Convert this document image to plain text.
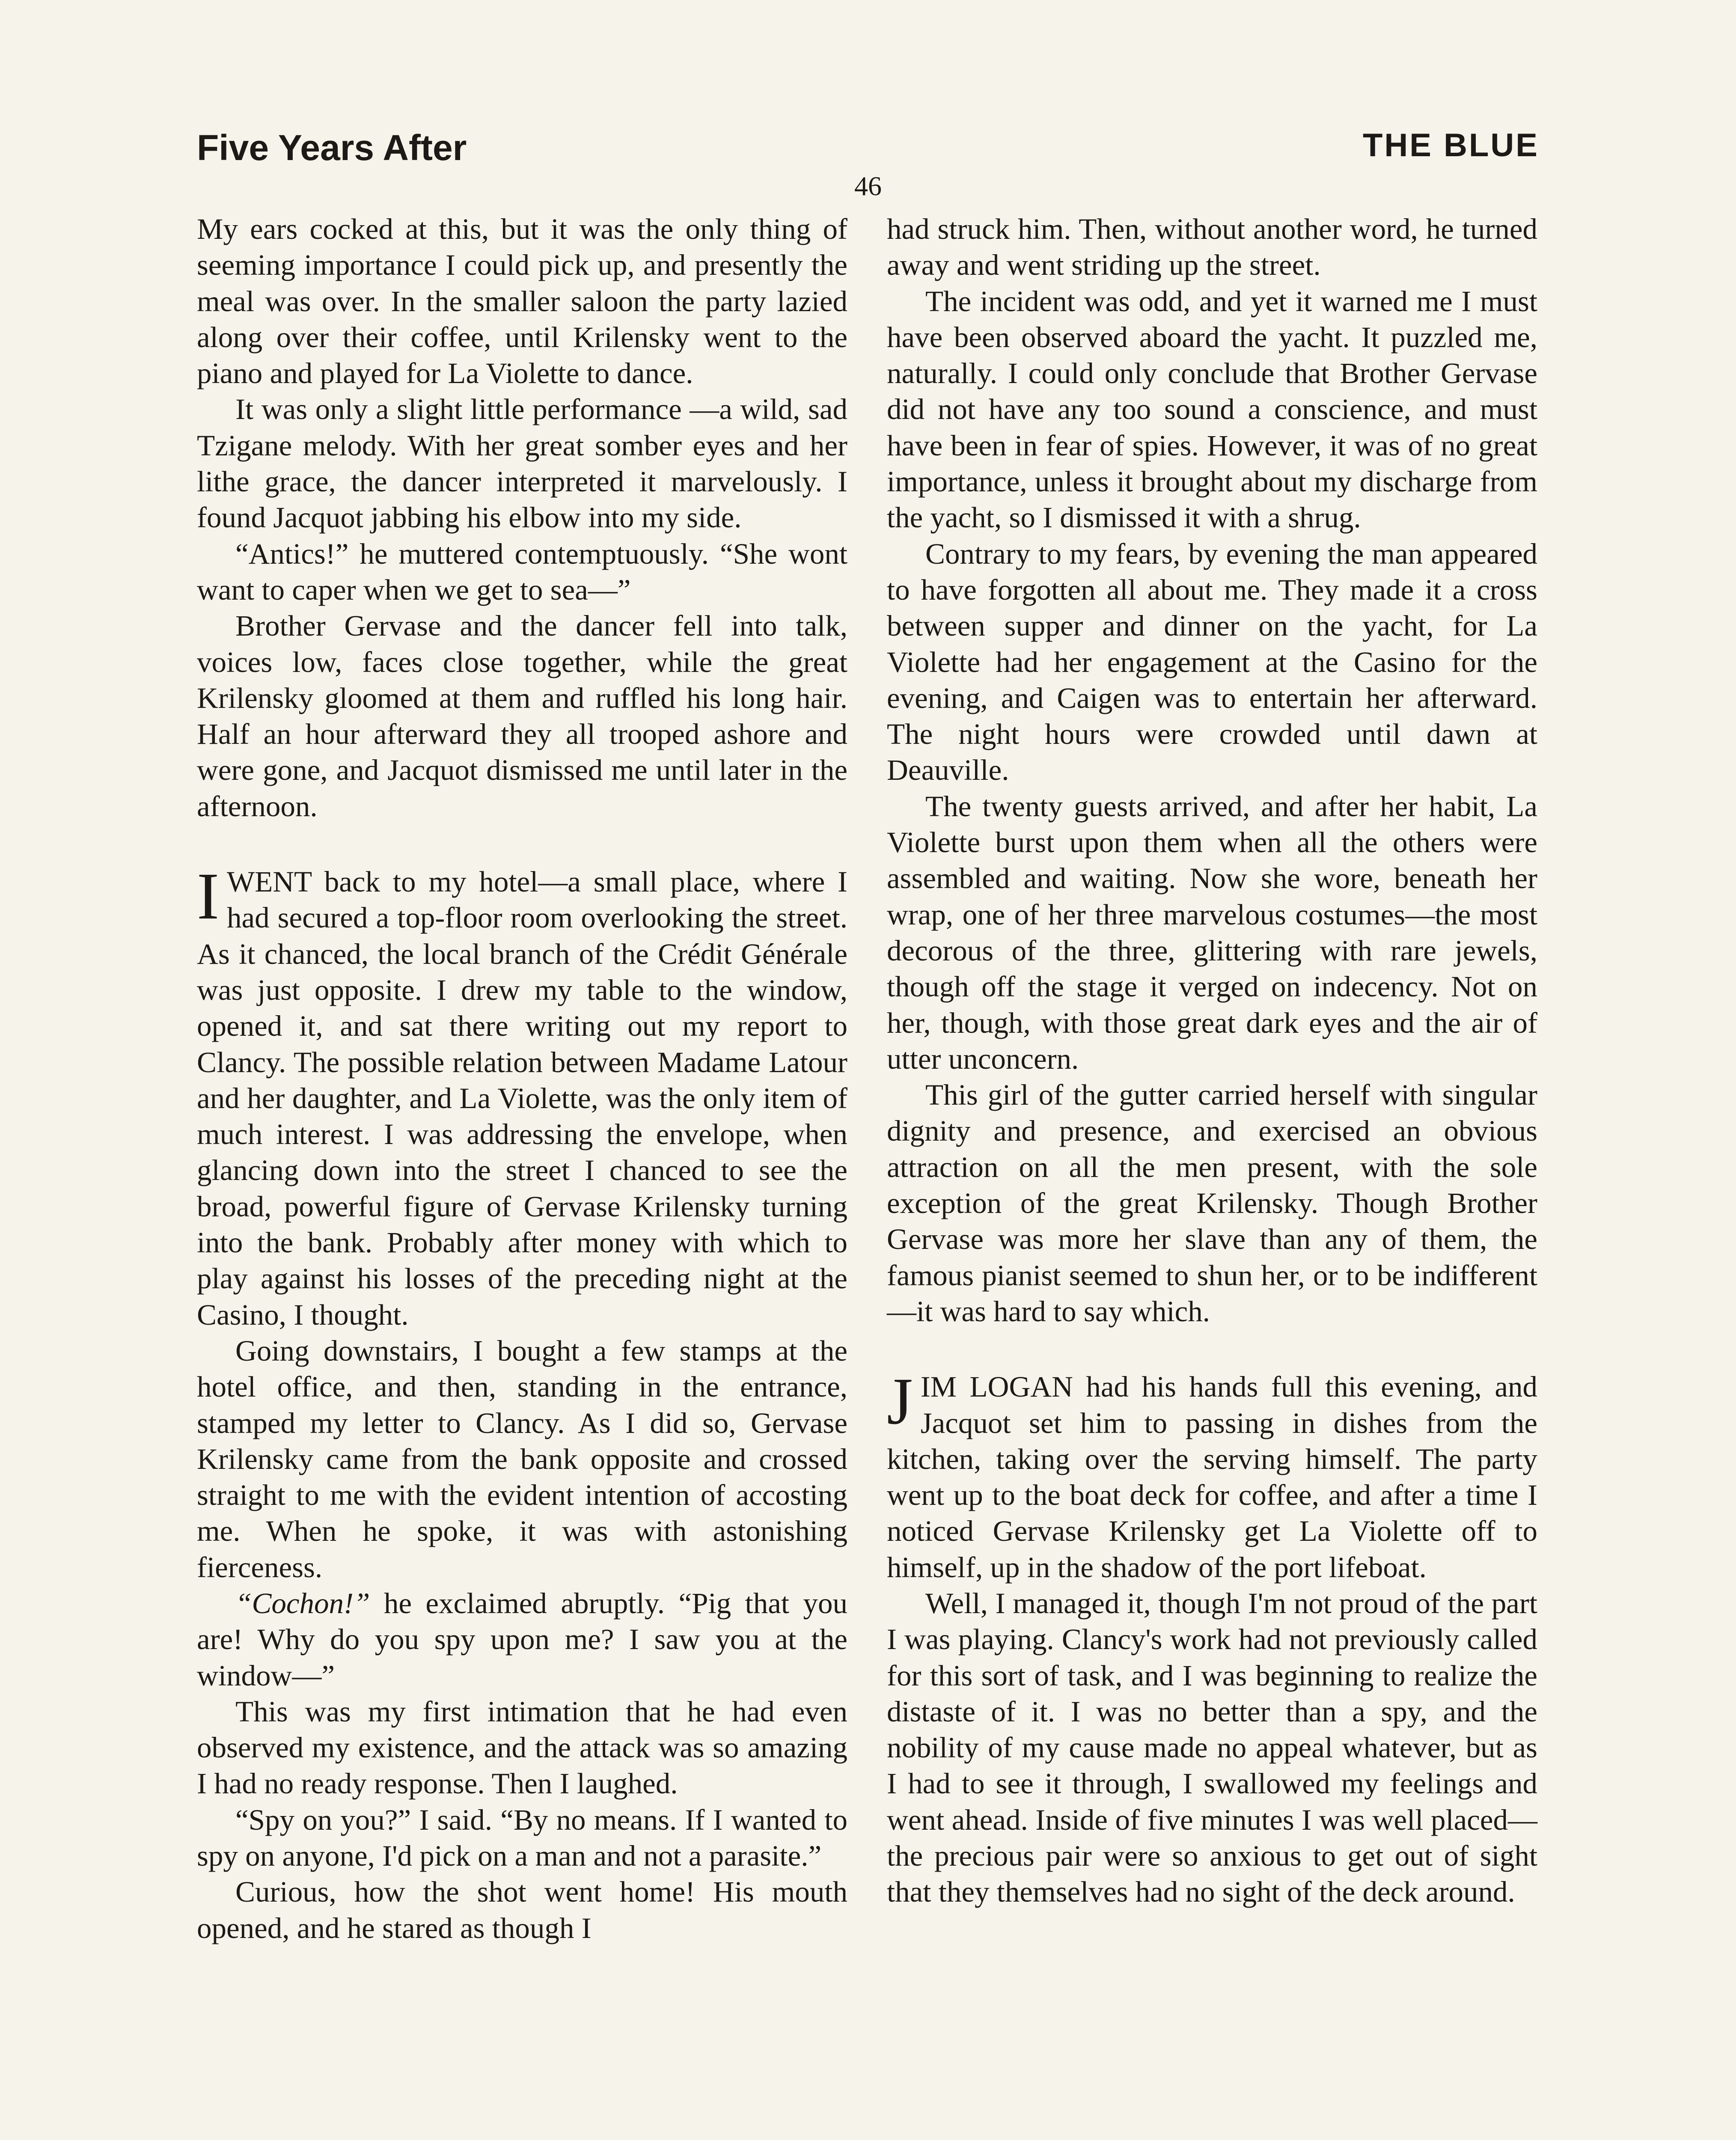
Five Years After	THE BLUE
46

My ears cocked at this, but it was the only thing of seeming importance I could pick up, and presently the meal was over. In the smaller saloon the party lazied along over their coffee, until Krilensky went to the piano and played for La Violette to dance.

It was only a slight little performance —a wild, sad Tzigane melody. With her great somber eyes and her lithe grace, the dancer interpreted it marvelously. I found Jacquot jabbing his elbow into my side.

“Antics!” he muttered contemptuously. “She wont want to caper when we get to sea—”

Brother Gervase and the dancer fell into talk, voices low, faces close together, while the great Krilensky gloomed at them and ruffled his long hair. Half an hour afterward they all trooped ashore and were gone, and Jacquot dismissed me until later in the afternoon.

IWENT back to my hotel—a small place, where I had secured a top-floor room overlooking the street. As it chanced, the local branch of the Crédit Générale was just opposite. I drew my table to the window, opened it, and sat there writing out my report to Clancy. The possible relation between Madame Latour and her daughter, and La Violette, was the only item of much interest. I was addressing the envelope, when glancing down into the street I chanced to see the broad, powerful figure of Gervase Krilensky turning into the bank. Probably after money with which to play against his losses of the preceding night at the Casino, I thought.

Going downstairs, I bought a few stamps at the hotel office, and then, standing in the entrance, stamped my letter to Clancy. As I did so, Gervase Krilensky came from the bank opposite and crossed straight to me with the evident intention of accosting me. When he spoke, it was with astonishing fierceness.

“Cochon!” he exclaimed abruptly. “Pig that you are! Why do you spy upon me? I saw you at the window—”

This was my first intimation that he had even observed my existence, and the attack was so amazing I had no ready response. Then I laughed.

“Spy on you?” I said. “By no means. If I wanted to spy on anyone, I'd pick on a man and not a parasite.”

Curious, how the shot went home! His mouth opened, and he stared as though I

had struck him. Then, without another word, he turned away and went striding up the street.

The incident was odd, and yet it warned me I must have been observed aboard the yacht. It puzzled me, naturally. I could only conclude that Brother Gervase did not have any too sound a conscience, and must have been in fear of spies. However, it was of no great importance, unless it brought about my discharge from the yacht, so I dismissed it with a shrug.

Contrary to my fears, by evening the man appeared to have forgotten all about me. They made it a cross between supper and dinner on the yacht, for La Violette had her engagement at the Casino for the evening, and Caigen was to entertain her afterward. The night hours were crowded until dawn at Deauville.

The twenty guests arrived, and after her habit, La Violette burst upon them when all the others were assembled and waiting. Now she wore, beneath her wrap, one of her three marvelous costumes—the most decorous of the three, glittering with rare jewels, though off the stage it verged on indecency. Not on her, though, with those great dark eyes and the air of utter unconcern.

This girl of the gutter carried herself with singular dignity and presence, and exercised an obvious attraction on all the men present, with the sole exception of the great Krilensky. Though Brother Gervase was more her slave than any of them, the famous pianist seemed to shun her, or to be indifferent—it was hard to say which.

JIM LOGAN had his hands full this evening, and Jacquot set him to passing in dishes from the kitchen, taking over the serving himself. The party went up to the boat deck for coffee, and after a time I noticed Gervase Krilensky get La Violette off to himself, up in the shadow of the port lifeboat.

Well, I managed it, though I'm not proud of the part I was playing. Clancy's work had not previously called for this sort of task, and I was beginning to realize the distaste of it. I was no better than a spy, and the nobility of my cause made no appeal whatever, but as I had to see it through, I swallowed my feelings and went ahead. Inside of five minutes I was well placed—the precious pair were so anxious to get out of sight that they themselves had no sight of the deck around.
